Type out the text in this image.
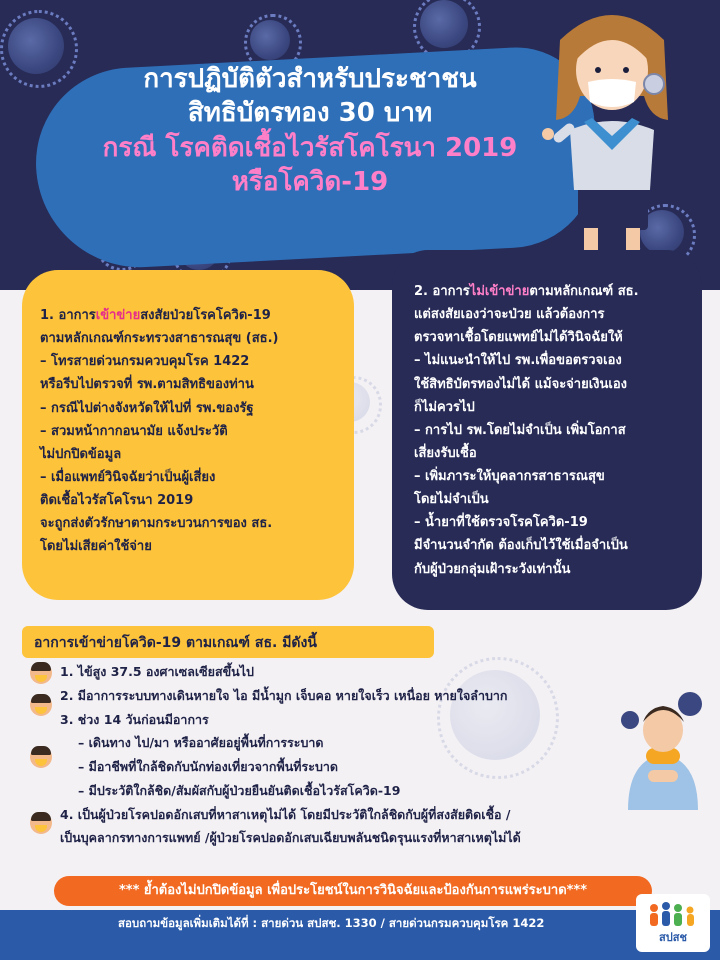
การปฏิบัติตัวสำหรับประชาชน
สิทธิบัตรทอง 30 บาท
กรณี โรคติดเชื้อไวรัสโคโรนา 2019
หรือโควิด-19

1. อาการเข้าข่ายสงสัยป่วยโรคโควิด-19

ตามหลักเกณฑ์กระทรวงสาธารณสุข (สธ.)

– โทรสายด่วนกรมควบคุมโรค 1422

หรือรีบไปตรวจที่ รพ.ตามสิทธิของท่าน

– กรณีไปต่างจังหวัดให้ไปที่ รพ.ของรัฐ

– สวมหน้ากากอนามัย แจ้งประวัติ

ไม่ปกปิดข้อมูล

– เมื่อแพทย์วินิจฉัยว่าเป็นผู้เสี่ยง

ติดเชื้อไวรัสโคโรนา 2019

จะถูกส่งตัวรักษาตามกระบวนการของ สธ.

โดยไม่เสียค่าใช้จ่าย

2. อาการไม่เข้าข่ายตามหลักเกณฑ์ สธ.

แต่สงสัยเองว่าจะป่วย แล้วต้องการ

ตรวจหาเชื้อโดยแพทย์ไม่ได้วินิจฉัยให้

– ไม่แนะนำให้ไป รพ.เพื่อขอตรวจเอง

ใช้สิทธิบัตรทองไม่ได้ แม้จะจ่ายเงินเอง

ก็ไม่ควรไป

– การไป รพ.โดยไม่จำเป็น เพิ่มโอกาส

เสี่ยงรับเชื้อ

– เพิ่มภาระให้บุคลากรสาธารณสุข

โดยไม่จำเป็น

– น้ำยาที่ใช้ตรวจโรคโควิด-19

มีจำนวนจำกัด ต้องเก็บไว้ใช้เมื่อจำเป็น

กับผู้ป่วยกลุ่มเฝ้าระวังเท่านั้น

อาการเข้าข่ายโควิด-19 ตามเกณฑ์ สธ. มีดังนี้

1. ไข้สูง 37.5 องศาเซลเซียสขึ้นไป

2. มีอาการระบบทางเดินหายใจ ไอ มีน้ำมูก เจ็บคอ หายใจเร็ว เหนื่อย หายใจลำบาก

3. ช่วง 14 วันก่อนมีอาการ

– เดินทาง ไป/มา หรืออาศัยอยู่พื้นที่การระบาด

– มีอาชีพที่ใกล้ชิดกับนักท่องเที่ยวจากพื้นที่ระบาด

– มีประวัติใกล้ชิด/สัมผัสกับผู้ป่วยยืนยันติดเชื้อไวรัสโควิด-19

4. เป็นผู้ป่วยโรคปอดอักเสบที่หาสาเหตุไม่ได้ โดยมีประวัติใกล้ชิดกับผู้ที่สงสัยติดเชื้อ /

เป็นบุคลากรทางการแพทย์ /ผู้ป่วยโรคปอดอักเสบเฉียบพลันชนิดรุนแรงที่หาสาเหตุไม่ได้

*** ย้ำต้องไม่ปกปิดข้อมูล เพื่อประโยชน์ในการวินิจฉัยและป้องกันการแพร่ระบาด***
สอบถามข้อมูลเพิ่มเติมได้ที่ : สายด่วน สปสช. 1330 / สายด่วนกรมควบคุมโรค 1422
สปสช
